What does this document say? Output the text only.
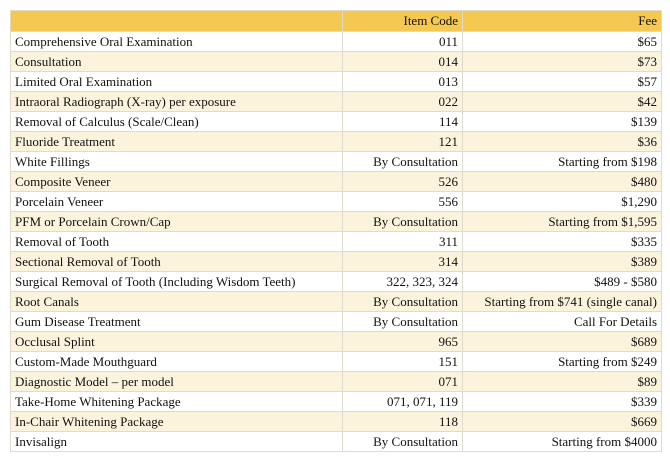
	Item Code	Fee
Comprehensive Oral Examination	011	$65
Consultation	014	$73
Limited Oral Examination	013	$57
Intraoral Radiograph (X-ray) per exposure	022	$42
Removal of Calculus (Scale/Clean)	114	$139
Fluoride Treatment	121	$36
White Fillings	By Consultation	Starting from $198
Composite Veneer	526	$480
Porcelain Veneer	556	$1,290
PFM or Porcelain Crown/Cap	By Consultation	Starting from $1,595
Removal of Tooth	311	$335
Sectional Removal of Tooth	314	$389
Surgical Removal of Tooth (Including Wisdom Teeth)	322, 323, 324	$489 - $580
Root Canals	By Consultation	Starting from $741 (single canal)
Gum Disease Treatment	By Consultation	Call For Details
Occlusal Splint	965	$689
Custom-Made Mouthguard	151	Starting from $249
Diagnostic Model – per model	071	$89
Take-Home Whitening Package	071, 071, 119	$339
In-Chair Whitening Package	118	$669
Invisalign	By Consultation	Starting from $4000
